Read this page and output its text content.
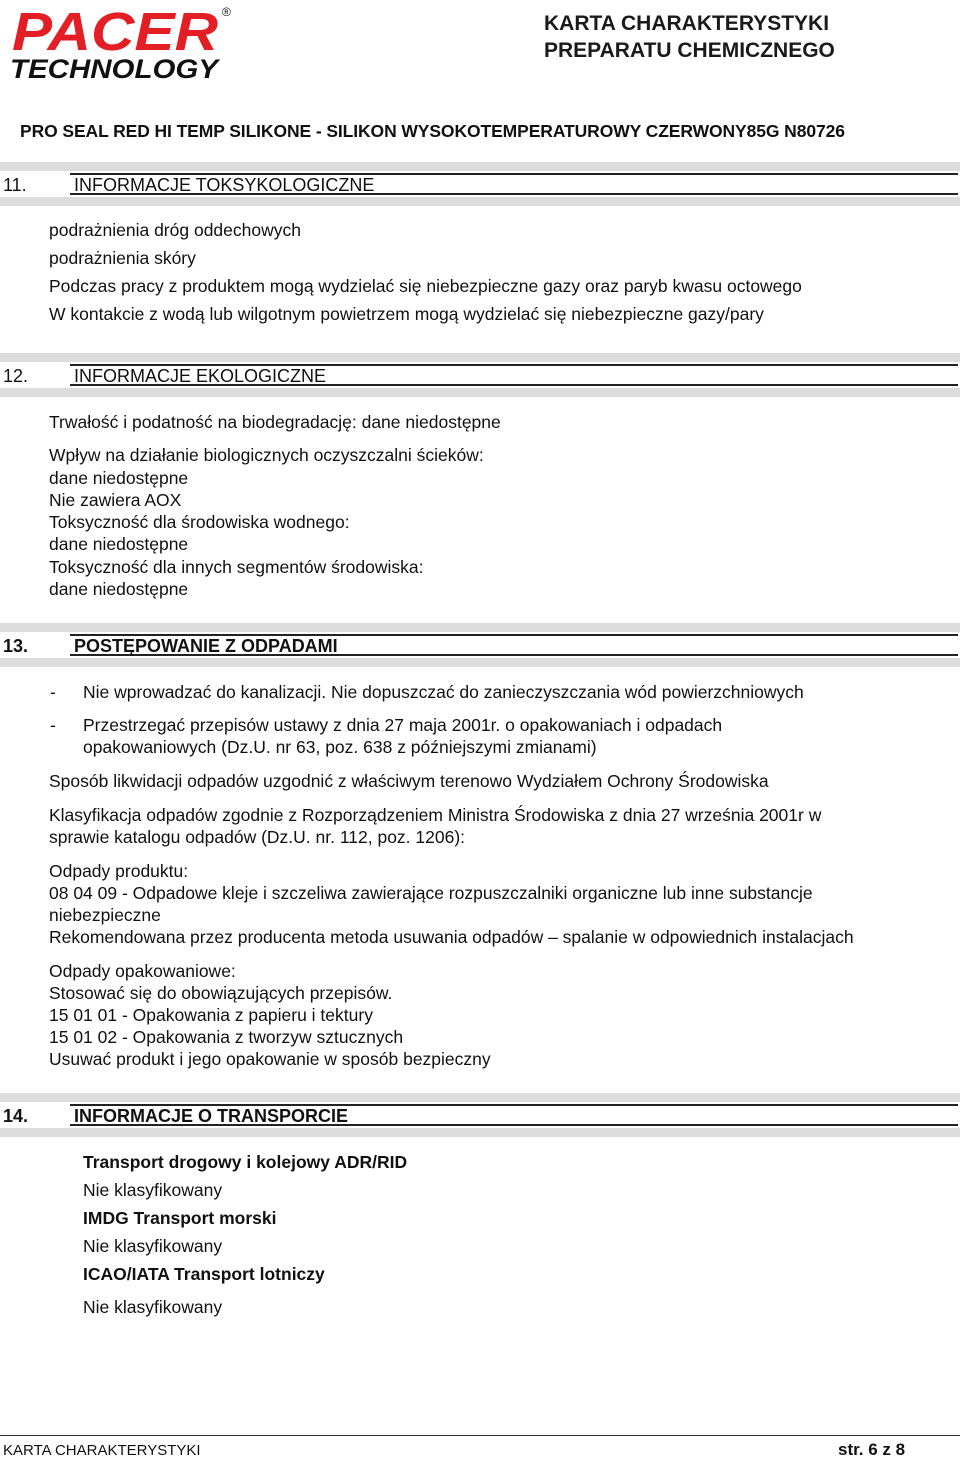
PACER ®
TECHNOLOGY
KARTA CHARAKTERYSTYKI
PREPARATU CHEMICZNEGO
PRO SEAL RED HI TEMP SILIKONE - SILIKON WYSOKOTEMPERATUROWY CZERWONY85G N80726
11.	INFORMACJE TOKSYKOLOGICZNE
podrażnienia dróg oddechowych
podrażnienia skóry
Podczas pracy z produktem mogą wydzielać się niebezpieczne gazy oraz paryb kwasu octowego
W kontakcie z wodą lub wilgotnym powietrzem mogą wydzielać się niebezpieczne gazy/pary
12.	INFORMACJE EKOLOGICZNE
Trwałość i podatność na biodegradację: dane niedostępne
Wpływ na działanie biologicznych oczyszczalni ścieków:
dane niedostępne
Nie zawiera AOX
Toksyczność dla środowiska wodnego:
dane niedostępne
Toksyczność dla innych segmentów środowiska:
dane niedostępne
13.	POSTĘPOWANIE Z ODPADAMI
- Nie wprowadzać do kanalizacji. Nie dopuszczać do zanieczyszczania wód powierzchniowych
- Przestrzegać przepisów ustawy z dnia 27 maja 2001r. o opakowaniach i odpadach
opakowaniowych (Dz.U. nr 63, poz. 638 z późniejszymi zmianami)
Sposób likwidacji odpadów uzgodnić z właściwym terenowo Wydziałem Ochrony Środowiska
Klasyfikacja odpadów zgodnie z Rozporządzeniem Ministra Środowiska z dnia 27 września 2001r w
sprawie katalogu odpadów (Dz.U. nr. 112, poz. 1206):
Odpady produktu:
08 04 09 - Odpadowe kleje i szczeliwa zawierające rozpuszczalniki organiczne lub inne substancje
niebezpieczne
Rekomendowana przez producenta metoda usuwania odpadów – spalanie w odpowiednich instalacjach
Odpady opakowaniowe:
Stosować się do obowiązujących przepisów.
15 01 01 - Opakowania z papieru i tektury
15 01 02 - Opakowania z tworzyw sztucznych
Usuwać produkt i jego opakowanie w sposób bezpieczny
14.	INFORMACJE O TRANSPORCIE
Transport drogowy i kolejowy ADR/RID
Nie klasyfikowany
IMDG Transport morski
Nie klasyfikowany
ICAO/IATA Transport lotniczy
Nie klasyfikowany
KARTA CHARAKTERYSTYKI	str. 6 z 8
